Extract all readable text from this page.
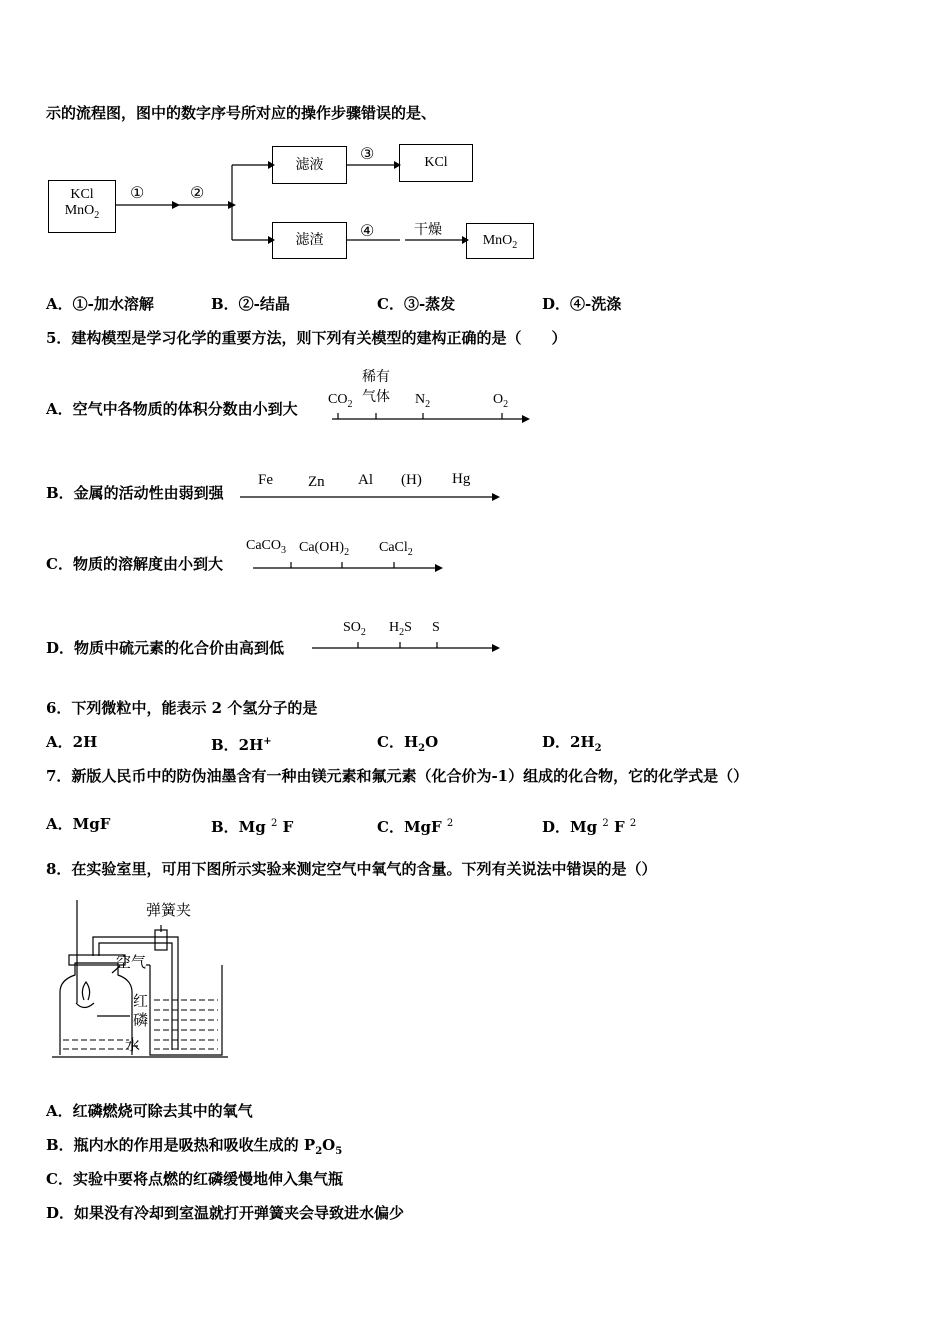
示的流程图，图中的数字序号所对应的操作步骤错误的是、
KCl
MnO$_2$
①	②
滤液
③	KCl
滤渣	④	干燥
MnO$_2$
A．①-加水溶解	B．②-结晶	C．③-蒸发	D．④-洗涤
5．建构模型是学习化学的重要方法，则下列有关模型的建构正确的是（　　）
A．空气中各物质的体积分数由小到大
$CO_2$
稀有
气体 $N_2$	$O_2$
B．金属的活动性由弱到强
Fe Zn Al (H) Hg
C．物质的溶解度由小到大
CaCO$_3$ $Ca(OH)_2$ CaCl$_2$
D．物质中硫元素的化合价由高到低
$SO_2$ $H_2S$ S
6．下列微粒中，能表示 2 个氢分子的是
A．2H	B．2H+	C．$H_2O$	D．$2H_2$
7．新版人民币中的防伪油墨含有一种由镁元素和氟元素（化合价为-1）组成的化合物，它的化学式是（）
A．MgF	B．Mg $^2$ F	C．MgF $^2$	D．Mg $^2$ F $^2$
8．在实验室里，可用下图所示实验来测定空气中氧气的含量。下列有关说法中错误的是（）
弹簧夹
空气
红
磷
水
A．红磷燃烧可除去其中的氧气
B．瓶内水的作用是吸热和吸收生成的 $P_2O_5$
C．实验中要将点燃的红磷缓慢地伸入集气瓶
D．如果没有冷却到室温就打开弹簧夹会导致进水偏少
